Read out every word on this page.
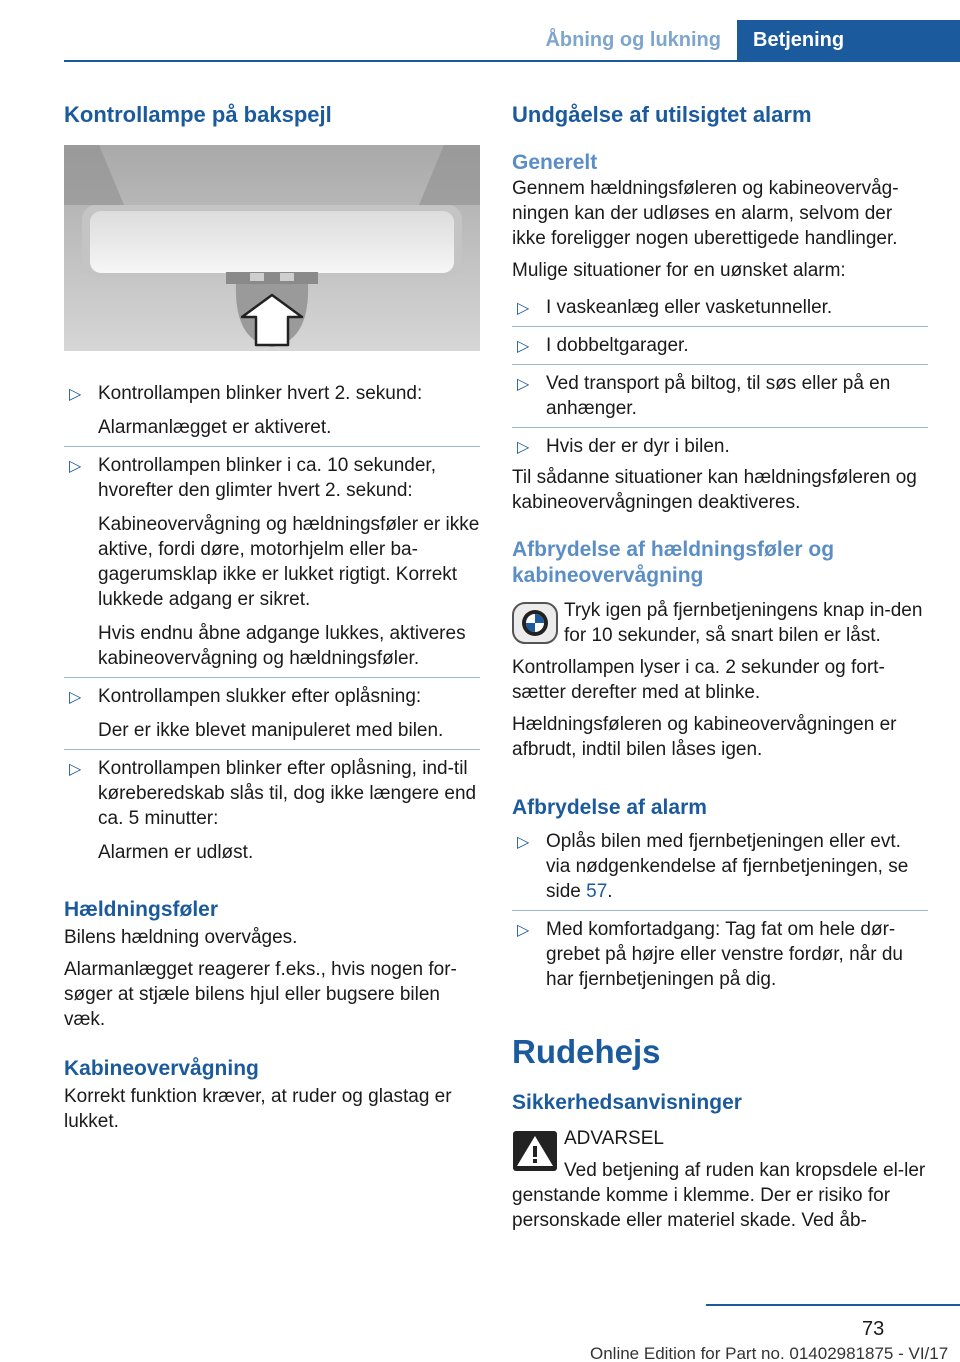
Åbning og lukning	Betjening
Kontrollampe på bakspejl
▷ Kontrollampen blinker hvert 2. sekund:
Alarmanlægget er aktiveret.
▷ Kontrollampen blinker i ca. 10 sekunder, hvorefter den glimter hvert 2. sekund:
Kabineovervågning og hældningsføler er ikke aktive, fordi døre, motorhjelm eller ba‐gagerumsklap ikke er lukket rigtigt. Korrekt lukkede adgang er sikret.
Hvis endnu åbne adgange lukkes, aktiveres kabineovervågning og hældningsføler.
▷ Kontrollampen slukker efter oplåsning:
Der er ikke blevet manipuleret med bilen.
▷ Kontrollampen blinker efter oplåsning, ind‐til køreberedskab slås til, dog ikke længere end ca. 5 minutter:
Alarmen er udløst.
Hældningsføler

Bilens hældning overvåges.

Alarmanlægget reagerer f.eks., hvis nogen for‐søger at stjæle bilens hjul eller bugsere bilen væk.

Kabineovervågning

Korrekt funktion kræver, at ruder og glastag er lukket.

Undgåelse af utilsigtet alarm
Generelt

Gennem hældningsføleren og kabineovervåg‐ningen kan der udløses en alarm, selvom der ikke foreligger nogen uberettigede handlinger.

Mulige situationer for en uønsket alarm:

▷ I vaskeanlæg eller vasketunneller.
▷ I dobbeltgarager.
▷ Ved transport på biltog, til søs eller på en anhænger.
▷ Hvis der er dyr i bilen.

Til sådanne situationer kan hældningsføleren og kabineovervågningen deaktiveres.

Afbrydelse af hældningsføler og kabineovervågning
Tryk igen på fjernbetjeningens knap in‐den for 10 sekunder, så snart bilen er låst.

Kontrollampen lyser i ca. 2 sekunder og fort‐sætter derefter med at blinke.

Hældningsføleren og kabineovervågningen er afbrudt, indtil bilen låses igen.

Afbrydelse af alarm
▷ Oplås bilen med fjernbetjeningen eller evt. via nødgenkendelse af fjernbetjeningen, se side 57.
▷ Med komfortadgang: Tag fat om hele dør‐grebet på højre eller venstre fordør, når du har fjernbetjeningen på dig.
Rudehejs
Sikkerhedsanvisninger
ADVARSEL
Ved betjening af ruden kan kropsdele el‐ler genstande komme i klemme. Der er risiko for personskade eller materiel skade. Ved åb‐
73
Online Edition for Part no. 01402981875 - VI/17
